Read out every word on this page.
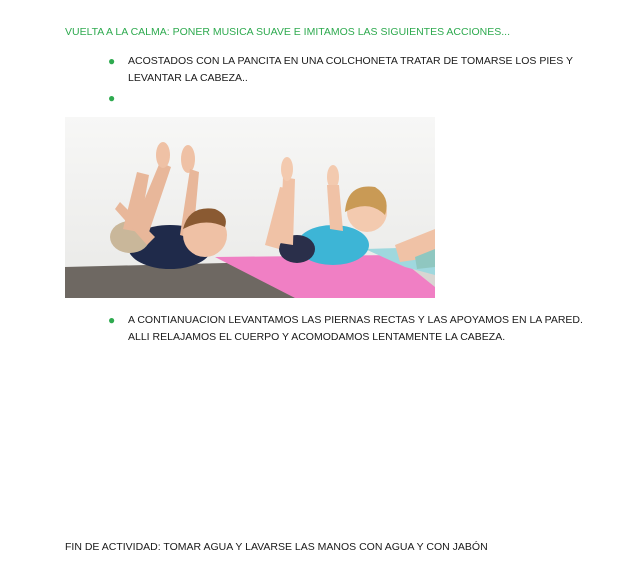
VUELTA A LA CALMA: PONER MUSICA SUAVE E IMITAMOS LAS SIGUIENTES ACCIONES...
● ACOSTADOS CON LA PANCITA EN UNA COLCHONETA TRATAR DE TOMARSE LOS PIES Y LEVANTAR LA CABEZA..
●
● A CONTIANUACION LEVANTAMOS LAS PIERNAS RECTAS Y LAS APOYAMOS EN LA PARED. ALLI RELAJAMOS EL CUERPO Y ACOMODAMOS LENTAMENTE LA CABEZA.
FIN DE ACTIVIDAD: TOMAR AGUA Y LAVARSE LAS MANOS CON AGUA Y CON JABÓN
